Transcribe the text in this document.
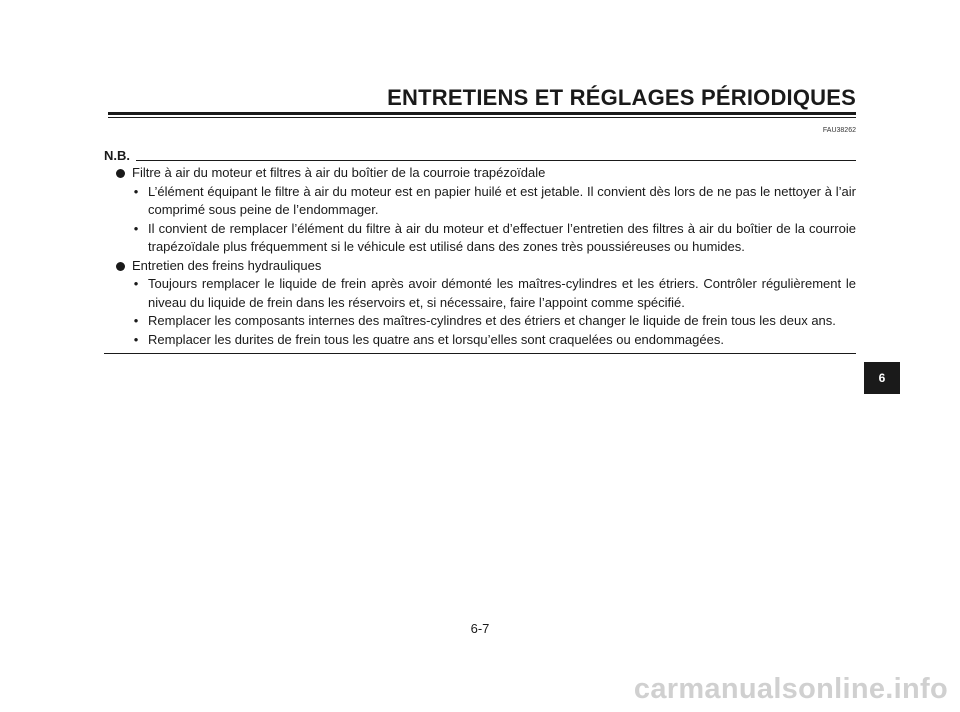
ENTRETIENS ET RÉGLAGES PÉRIODIQUES
FAU38262
N.B.
Filtre à air du moteur et filtres à air du boîtier de la courroie trapézoïdale
• L’élément équipant le filtre à air du moteur est en papier huilé et est jetable. Il convient dès lors de ne pas le nettoyer à l’air comprimé sous peine de l’endommager.
• Il convient de remplacer l’élément du filtre à air du moteur et d’effectuer l’entretien des filtres à air du boîtier de la courroie trapézoïdale plus fréquemment si le véhicule est utilisé dans des zones très poussiéreuses ou humides.
Entretien des freins hydrauliques
• Toujours remplacer le liquide de frein après avoir démonté les maîtres-cylindres et les étriers. Contrôler régulièrement le niveau du liquide de frein dans les réservoirs et, si nécessaire, faire l’appoint comme spécifié.
• Remplacer les composants internes des maîtres-cylindres et des étriers et changer le liquide de frein tous les deux ans.
• Remplacer les durites de frein tous les quatre ans et lorsqu’elles sont craquelées ou endommagées.
6
6-7
carmanualsonline.info
